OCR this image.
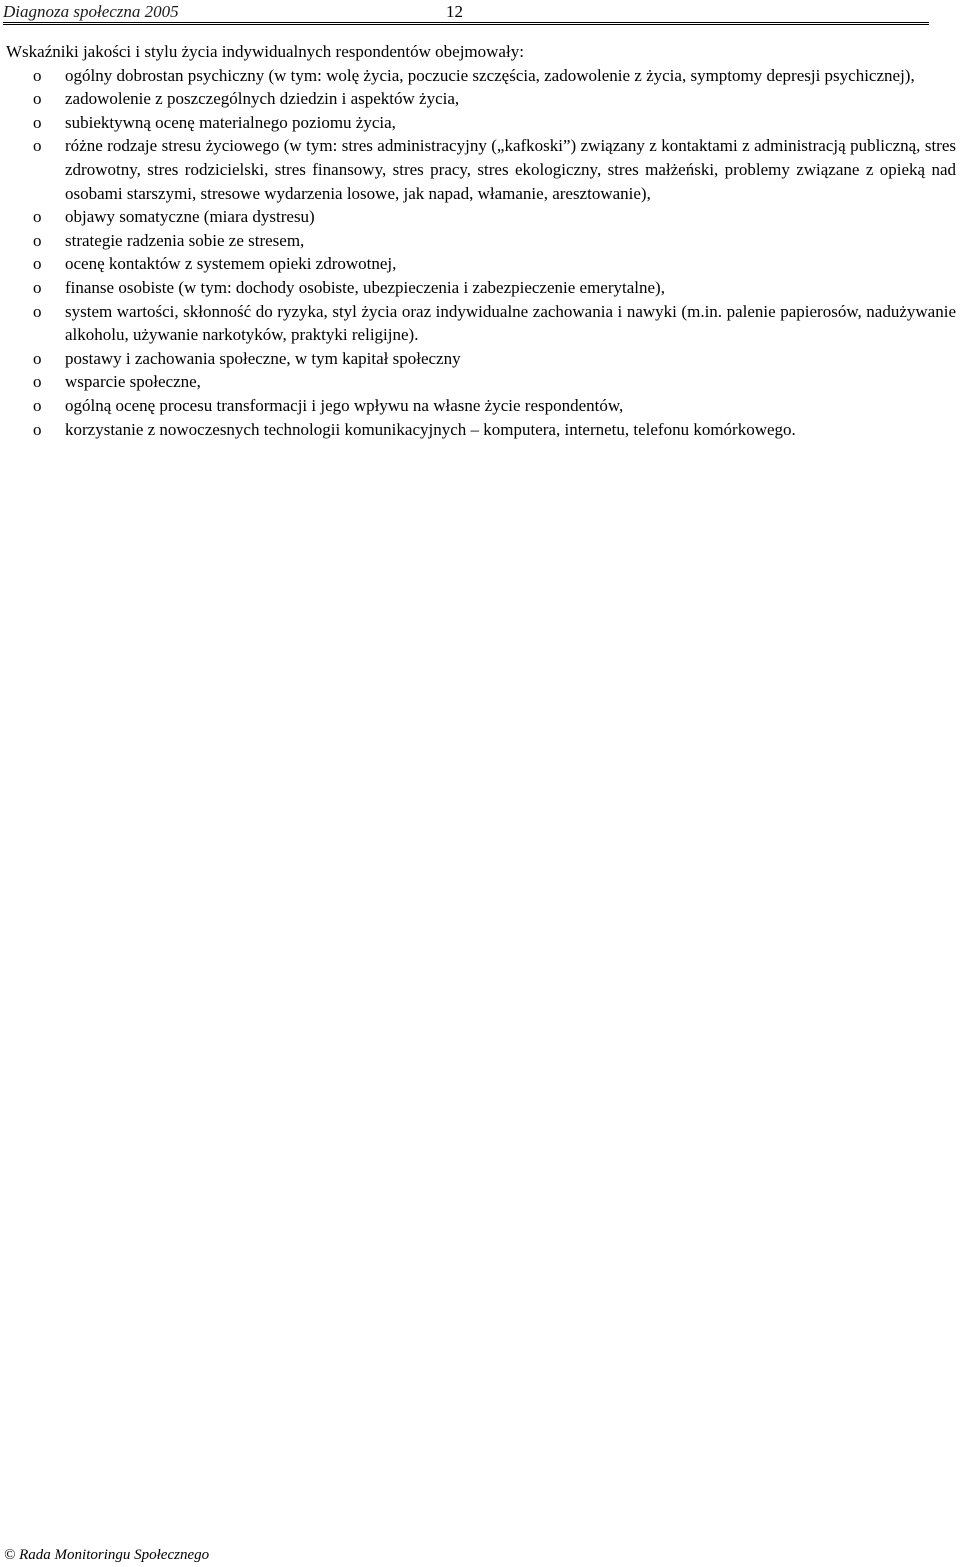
Diagnoza społeczna 2005	12

Wskaźniki jakości i stylu życia indywidualnych respondentów obejmowały:

o ogólny dobrostan psychiczny (w tym: wolę życia, poczucie szczęścia, zadowolenie z życia, symptomy depresji psychicznej),
o zadowolenie z poszczególnych dziedzin i aspektów życia,
o subiektywną ocenę materialnego poziomu życia,
o różne rodzaje stresu życiowego (w tym: stres administracyjny („kafkoski”) związany z kontaktami z administracją publiczną, stres zdrowotny, stres rodzicielski, stres finansowy, stres pracy, stres ekologiczny, stres małżeński, problemy związane z opieką nad osobami starszymi, stresowe wydarzenia losowe, jak napad, włamanie, aresztowanie),
o objawy somatyczne (miara dystresu)
o strategie radzenia sobie ze stresem,
o ocenę kontaktów z systemem opieki zdrowotnej,
o finanse osobiste (w tym: dochody osobiste, ubezpieczenia i zabezpieczenie emerytalne),
o system wartości, skłonność do ryzyka, styl życia oraz indywidualne zachowania i nawyki (m.in. palenie papierosów, nadużywanie alkoholu, używanie narkotyków, praktyki religijne).
o postawy i zachowania społeczne, w tym kapitał społeczny
o wsparcie społeczne,
o ogólną ocenę procesu transformacji i jego wpływu na własne życie respondentów,
o korzystanie z nowoczesnych technologii komunikacyjnych – komputera, internetu, telefonu komórkowego.
© Rada Monitoringu Społecznego
